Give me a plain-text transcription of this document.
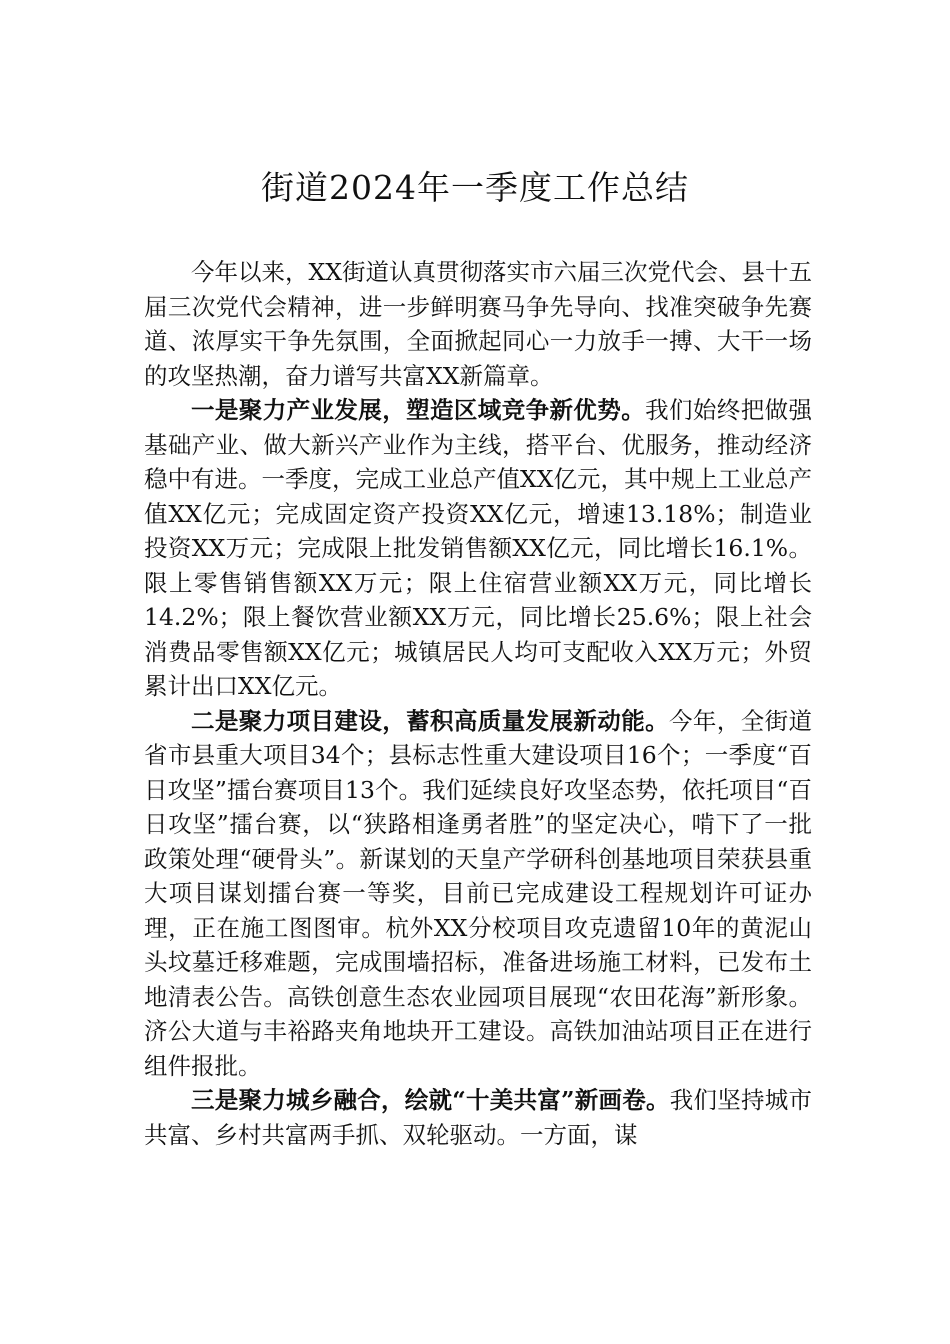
街道2024年一季度工作总结

今年以来，XX街道认真贯彻落实市六届三次党代会、县十五届三次党代会精神，进一步鲜明赛马争先导向、找准突破争先赛道、浓厚实干争先氛围，全面掀起同心一力放手一搏、大干一场的攻坚热潮，奋力谱写共富XX新篇章。

一是聚力产业发展，塑造区域竞争新优势。我们始终把做强基础产业、做大新兴产业作为主线，搭平台、优服务，推动经济稳中有进。一季度，完成工业总产值XX亿元，其中规上工业总产值XX亿元；完成固定资产投资XX亿元，增速13.18%；制造业投资XX万元；完成限上批发销售额XX亿元，同比增长16.1%。限上零售销售额XX万元；限上住宿营业额XX万元，同比增长14.2%；限上餐饮营业额XX万元，同比增长25.6%；限上社会消费品零售额XX亿元；城镇居民人均可支配收入XX万元；外贸累计出口XX亿元。

二是聚力项目建设，蓄积高质量发展新动能。今年，全街道省市县重大项目34个；县标志性重大建设项目16个；一季度“百日攻坚”擂台赛项目13个。我们延续良好攻坚态势，依托项目“百日攻坚”擂台赛，以“狭路相逢勇者胜”的坚定决心，啃下了一批政策处理“硬骨头”。新谋划的天皇产学研科创基地项目荣获县重大项目谋划擂台赛一等奖，目前已完成建设工程规划许可证办理，正在施工图图审。杭外XX分校项目攻克遗留10年的黄泥山头坟墓迁移难题，完成围墙招标，准备进场施工材料，已发布土地清表公告。高铁创意生态农业园项目展现“农田花海”新形象。济公大道与丰裕路夹角地块开工建设。高铁加油站项目正在进行组件报批。

三是聚力城乡融合，绘就“十美共富”新画卷。我们坚持城市共富、乡村共富两手抓、双轮驱动。一方面，谋
